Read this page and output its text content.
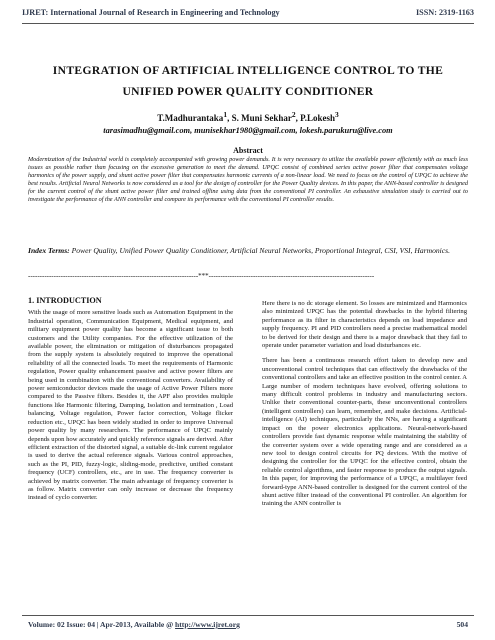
IJRET: International Journal of Research in Engineering and Technology	ISSN: 2319-1163
INTEGRATION OF ARTIFICIAL INTELLIGENCE CONTROL TO THE
UNIFIED POWER QUALITY CONDITIONER
T.Madhurantaka$^1$, S. Muni Sekhar$^2$, P.Lokesh$^3$
tarasimadhu@gmail.com, munisekhar1980@gmail.com, lokesh.parukuru@live.com
Abstract
Modernization of the Industrial world is completely accompanied with growing power demands. It is very necessary to utilize the available power efficiently with as much less issues as possible rather than focusing on the excessive generation to meet the demand. UPQC consist of combined series active power filter that compensates voltage harmonics of the power supply, and shunt active power filter that compensates harmonic currents of a non-linear load. We need to focus on the control of UPQC to achieve the best results. Artificial Neural Networks is now considered as a tool for the design of controller for the Power Quality devices. In this paper, the ANN-based controller is designed for the current control of the shunt active power filter and trained offline using data from the conventional PI controller. An exhaustive simulation study is carried out to investigate the performance of the ANN controller and compare its performance with the conventional PI controller results.
Index Terms: Power Quality, Unified Power Quality Conditioner, Artificial Neural Networks, Proportional Integral, CSI, VSI, Harmonics.
-------------------------------------------------------------------------***-----------------------------------------------------------------------
1. INTRODUCTION

With the usage of more sensitive loads such as Automation Equipment in the Industrial operation, Communication Equipment, Medical equipment, and military equipment power quality has become a significant issue to both customers and the Utility companies. For the effective utilization of the available power, the elimination or mitigation of disturbances propagated from the supply system is absolutely required to improve the operational reliability of all the connected loads. To meet the requirements of Harmonic regulation, Power quality enhancement passive and active power filters are being used in combination with the conventional converters. Availability of power semiconductor devices made the usage of Active Power Filters more compared to the Passive filters. Besides it, the APF also provides multiple functions like Harmonic filtering, Damping, Isolation and termination , Load balancing, Voltage regulation, Power factor correction, Voltage flicker reduction etc., UPQC has been widely studied in order to improve Universal power quality by many researchers. The performance of UPQC mainly depends upon how accurately and quickly reference signals are derived. After efficient extraction of the distorted signal, a suitable dc-link current regulator is used to derive the actual reference signals. Various control approaches, such as the PI, PID, fuzzy-logic, sliding-mode, predictive, unified constant frequency (UCF) controllers, etc., are in use. The frequency converter is achieved by matrix converter. The main advantage of frequency converter is as follow. Matrix converter can only increase or decrease the frequency instead of cyclo converter.

Here there is no dc storage element. So losses are minimized and Harmonics also minimized UPQC has the potential drawbacks in the hybrid filtering performance as its filter in characteristics depends on load impedance and supply frequency. PI and PID controllers need a precise mathematical model to be derived for their design and there is a major drawback that they fail to operate under parameter variation and load disturbances etc.

There has been a continuous research effort taken to develop new and unconventional control techniques that can effectively the drawbacks of the conventional controllers and take an effective position in the control center. A Large number of modern techniques have evolved, offering solutions to many difficult control problems in industry and manufacturing sectors. Unlike their conventional counter-parts, these unconventional controllers (intelligent controllers) can learn, remember, and make decisions. Artificial-intelligence (AI) techniques, particularly the NNs, are having a significant impact on the power electronics applications. Neural-network-based controllers provide fast dynamic response while maintaining the stability of the converter system over a wide operating range and are considered as a new tool to design control circuits for PQ devices. With the motive of designing the controller for the UPQC for the effective control, obtain the reliable control algorithms, and faster response to produce the output signals. In this paper, for improving the performance of a UPQC, a multilayer feed forward-type ANN-based controller is designed for the current control of the shunt active filter instead of the conventional PI controller. An algorithm for training the ANN controller is

Volume: 02 Issue: 04 | Apr-2013, Available @ http://www.ijret.org	504
